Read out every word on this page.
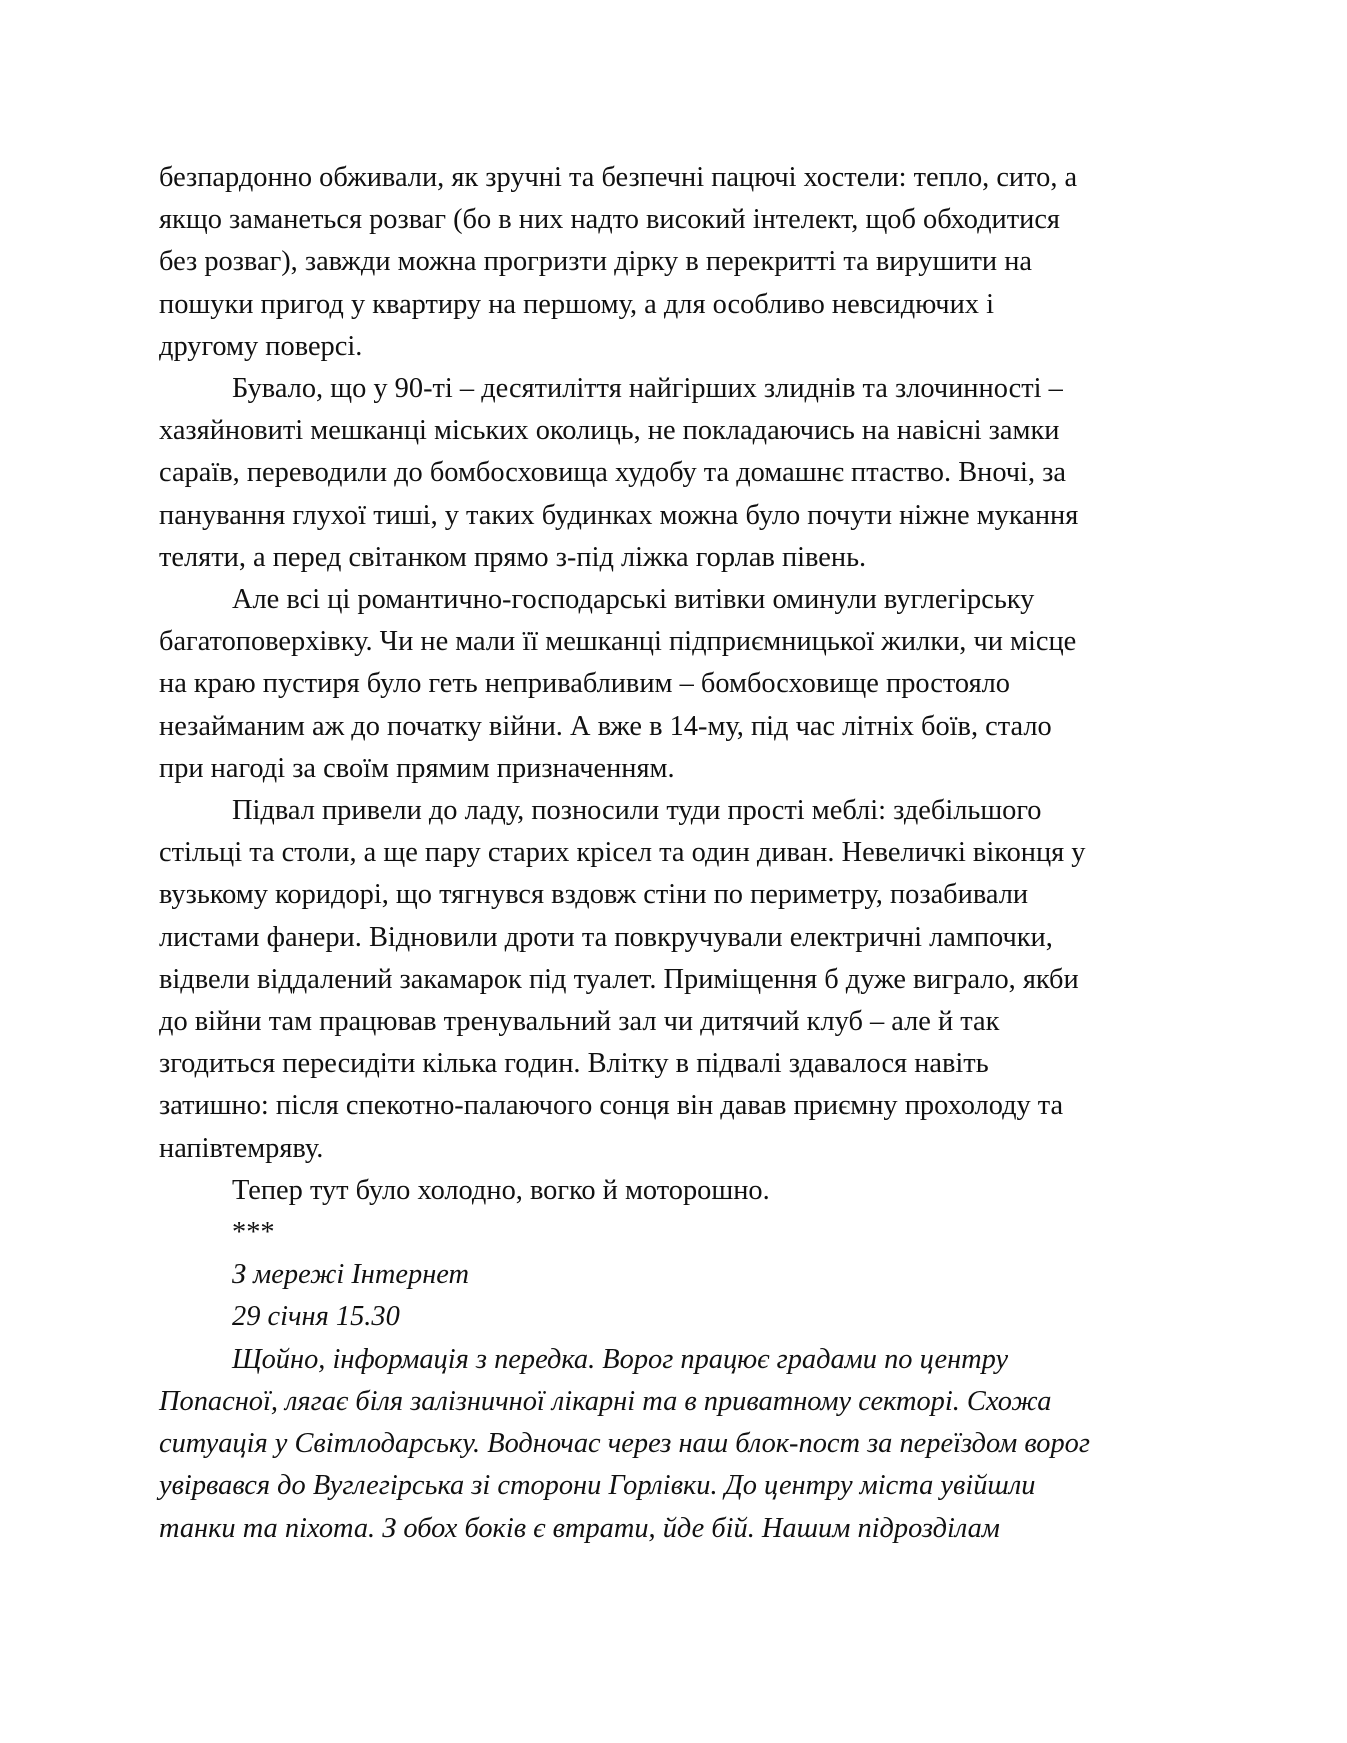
безпардонно обживали, як зручні та безпечні пацючі хостели: тепло, сито, а
якщо заманеться розваг (бо в них надто високий інтелект, щоб обходитися
без розваг), завжди можна прогризти дірку в перекритті та вирушити на
пошуки пригод у квартиру на першому, а для особливо невсидючих і
другому поверсі.
Бувало, що у 90-ті – десятиліття найгірших злиднів та злочинності –
хазяйновиті мешканці міських околиць, не покладаючись на навісні замки
сараїв, переводили до бомбосховища худобу та домашнє птаство. Вночі, за
панування глухої тиші, у таких будинках можна було почути ніжне мукання
теляти, а перед світанком прямо з-під ліжка горлав півень.
Але всі ці романтично-господарські витівки оминули вуглегірську
багатоповерхівку. Чи не мали її мешканці підприємницької жилки, чи місце
на краю пустиря було геть непривабливим – бомбосховище простояло
незайманим аж до початку війни. А вже в 14-му, під час літніх боїв, стало
при нагоді за своїм прямим призначенням.
Підвал привели до ладу, позносили туди прості меблі: здебільшого
стільці та столи, а ще пару старих крісел та один диван. Невеличкі віконця у
вузькому коридорі, що тягнувся вздовж стіни по периметру, позабивали
листами фанери. Відновили дроти та повкручували електричні лампочки,
відвели віддалений закамарок під туалет. Приміщення б дуже виграло, якби
до війни там працював тренувальний зал чи дитячий клуб – але й так
згодиться пересидіти кілька годин. Влітку в підвалі здавалося навіть
затишно: після спекотно-палаючого сонця він давав приємну прохолоду та
напівтемряву.
Тепер тут було холодно, вогко й моторошно.
***
З мережі Інтернет
29 січня 15.30
Щойно, інформація з передка. Ворог працює градами по центру
Попасної, лягає біля залізничної лікарні та в приватному секторі. Схожа
ситуація у Світлодарську. Водночас через наш блок-пост за переїздом ворог
увірвався до Вуглегірська зі сторони Горлівки. До центру міста увійшли
танки та піхота. З обох боків є втрати, йде бій. Нашим підрозділам
